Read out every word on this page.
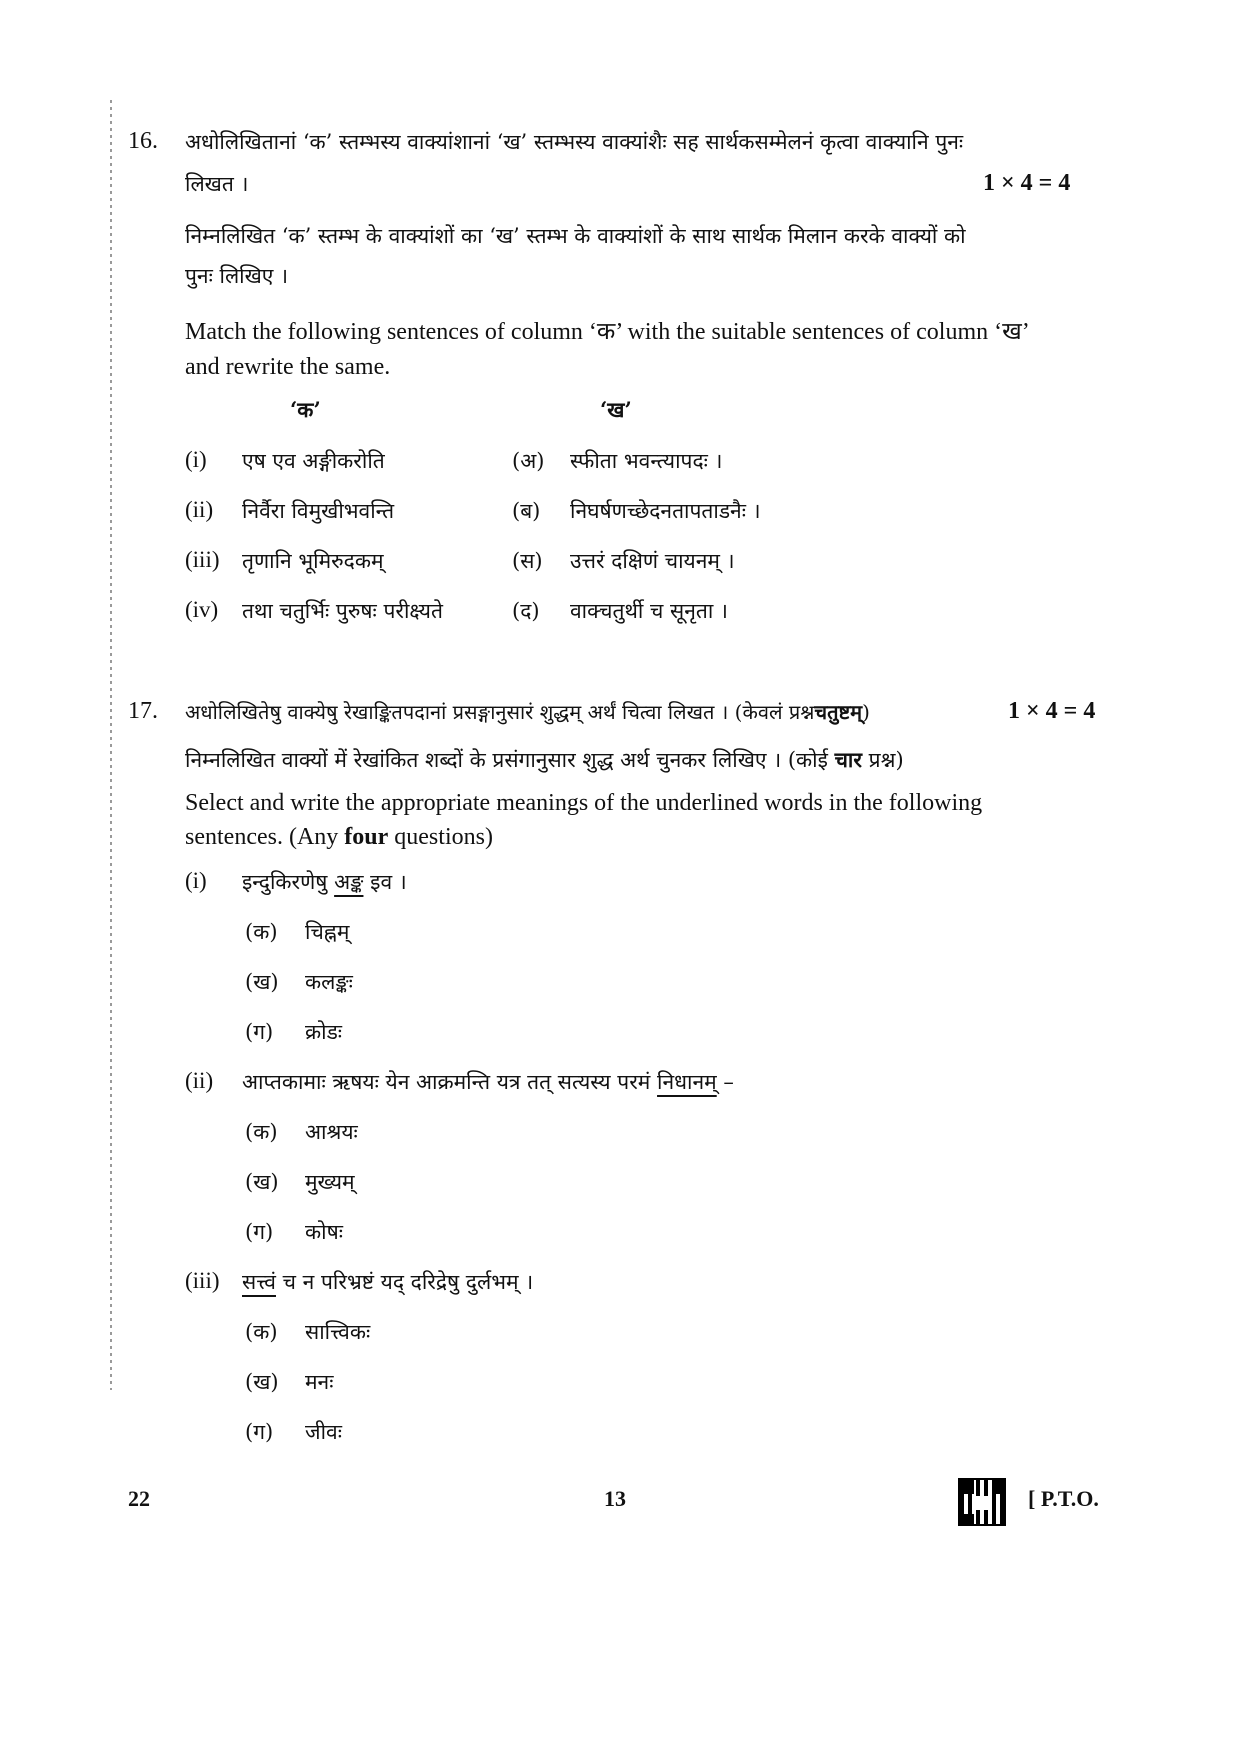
16. अधोलिखितानां ‘क’ स्तम्भस्य वाक्यांशानां ‘ख’ स्तम्भस्य वाक्यांशैः सह सार्थकसम्मेलनं कृत्वा वाक्यानि पुनः
लिखत ।	1 × 4 = 4
निम्नलिखित ‘क’ स्तम्भ के वाक्यांशों का ‘ख’ स्तम्भ के वाक्यांशों के साथ सार्थक मिलान करके वाक्यों को
पुनः लिखिए ।
Match the following sentences of column ‘क’ with the suitable sentences of column ‘ख’
and rewrite the same.
‘क’	‘ख’
(i) एष एव अङ्गीकरोति	(अ) स्फीता भवन्त्यापदः ।
(ii) निर्वैरा विमुखीभवन्ति	(ब) निघर्षणच्छेदनतापताडनैः ।
(iii) तृणानि भूमिरुदकम्	(स) उत्तरं दक्षिणं चायनम् ।
(iv) तथा चतुर्भिः पुरुषः परीक्ष्यते	(द) वाक्चतुर्थी च सूनृता ।
17. अधोलिखितेषु वाक्येषु रेखाङ्कितपदानां प्रसङ्गानुसारं शुद्धम् अर्थं चित्वा लिखत । (केवलं प्रश्नचतुष्टम्)	1 × 4 = 4
निम्नलिखित वाक्यों में रेखांकित शब्दों के प्रसंगानुसार शुद्ध अर्थ चुनकर लिखिए । (कोई चार प्रश्न)
Select and write the appropriate meanings of the underlined words in the following
sentences. (Any four questions)
(i) इन्दुकिरणेषु अङ्क इव ।
(क) चिह्नम्
(ख) कलङ्कः
(ग) क्रोडः
(ii) आप्तकामाः ऋषयः येन आक्रमन्ति यत्र तत् सत्यस्य परमं निधानम् –
(क) आश्रयः
(ख) मुख्यम्
(ग) कोषः
(iii) सत्त्वं च न परिभ्रष्टं यद् दरिद्रेषु दुर्लभम् ।
(क) सात्त्विकः
(ख) मनः
(ग) जीवः
22	13	[ P.T.O.
